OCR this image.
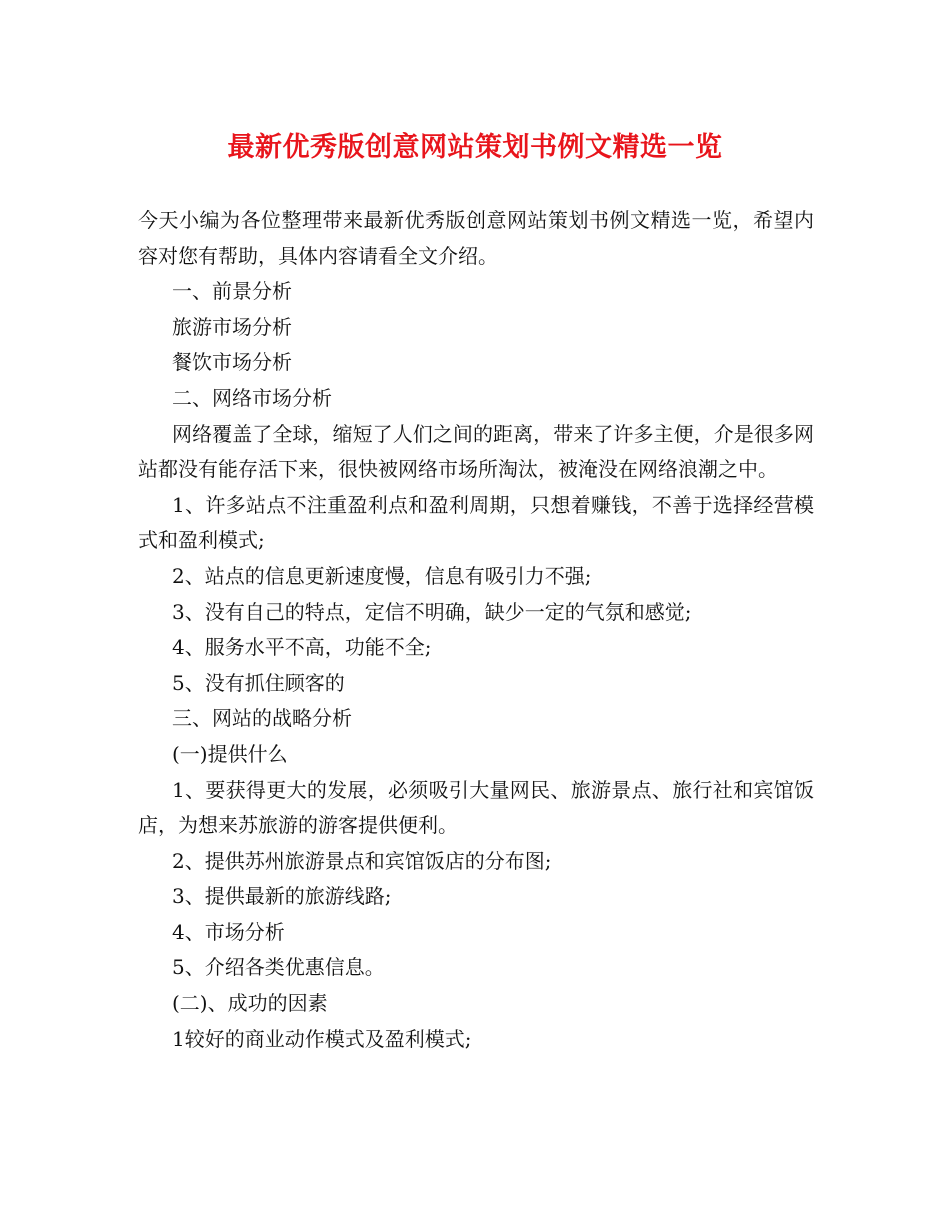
最新优秀版创意网站策划书例文精选一览

今天小编为各位整理带来最新优秀版创意网站策划书例文精选一览，希望内容对您有帮助，具体内容请看全文介绍。

一、前景分析

旅游市场分析

餐饮市场分析

二、网络市场分析

网络覆盖了全球，缩短了人们之间的距离，带来了许多主便，介是很多网站都没有能存活下来，很快被网络市场所淘汰，被淹没在网络浪潮之中。

1、许多站点不注重盈利点和盈利周期，只想着赚钱，不善于选择经营模式和盈利模式;

2、站点的信息更新速度慢，信息有吸引力不强;

3、没有自己的特点，定信不明确，缺少一定的气氛和感觉;

4、服务水平不高，功能不全;

5、没有抓住顾客的

三、网站的战略分析

(一)提供什么

1、要获得更大的发展，必须吸引大量网民、旅游景点、旅行社和宾馆饭店，为想来苏旅游的游客提供便利。

2、提供苏州旅游景点和宾馆饭店的分布图;

3、提供最新的旅游线路;

4、市场分析

5、介绍各类优惠信息。

(二)、成功的因素

1较好的商业动作模式及盈利模式;
